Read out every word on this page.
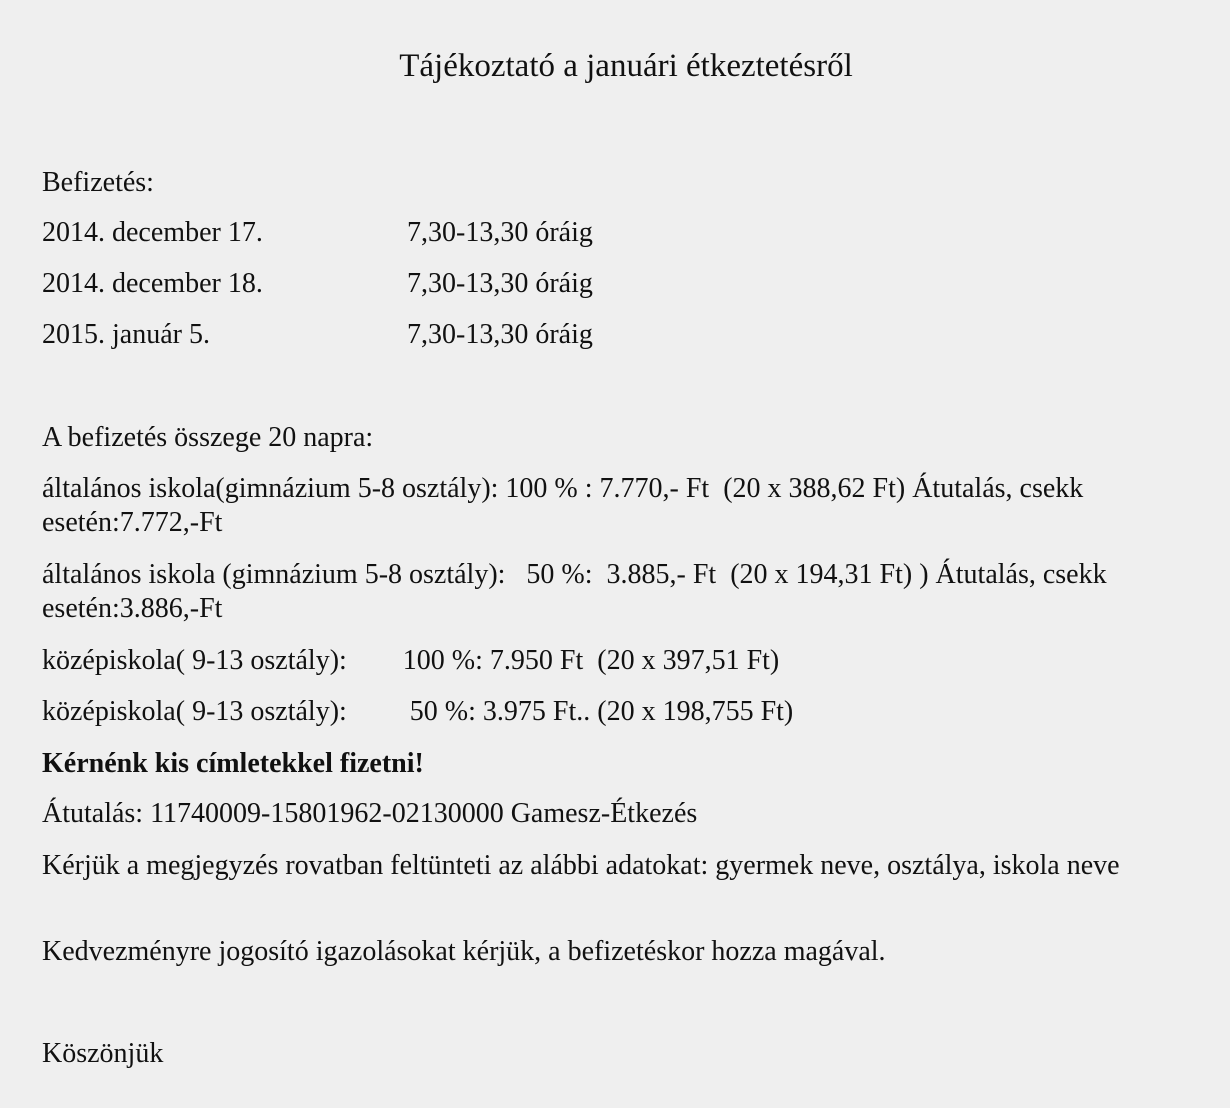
Tájékoztató a januári étkeztetésről
Befizetés:
2014. december 17.	7,30-13,30 óráig
2014. december 18.	7,30-13,30 óráig
2015. január 5.	7,30-13,30 óráig
A befizetés összege 20 napra:
általános iskola(gimnázium 5-8 osztály): 100 % : 7.770,- Ft  (20 x 388,62 Ft) Átutalás, csekk esetén:7.772,-Ft
általános iskola (gimnázium 5-8 osztály):   50 %:  3.885,- Ft  (20 x 194,31 Ft) ) Átutalás, csekk esetén:3.886,-Ft
középiskola( 9-13 osztály):        100 %: 7.950 Ft  (20 x 397,51 Ft)
középiskola( 9-13 osztály):         50 %: 3.975 Ft.. (20 x 198,755 Ft)
Kérnénk kis címletekkel fizetni!
Átutalás: 11740009-15801962-02130000 Gamesz-Étkezés
Kérjük a megjegyzés rovatban feltünteti az alábbi adatokat: gyermek neve, osztálya, iskola neve
Kedvezményre jogosító igazolásokat kérjük, a befizetéskor hozza magával.
Köszönjük
